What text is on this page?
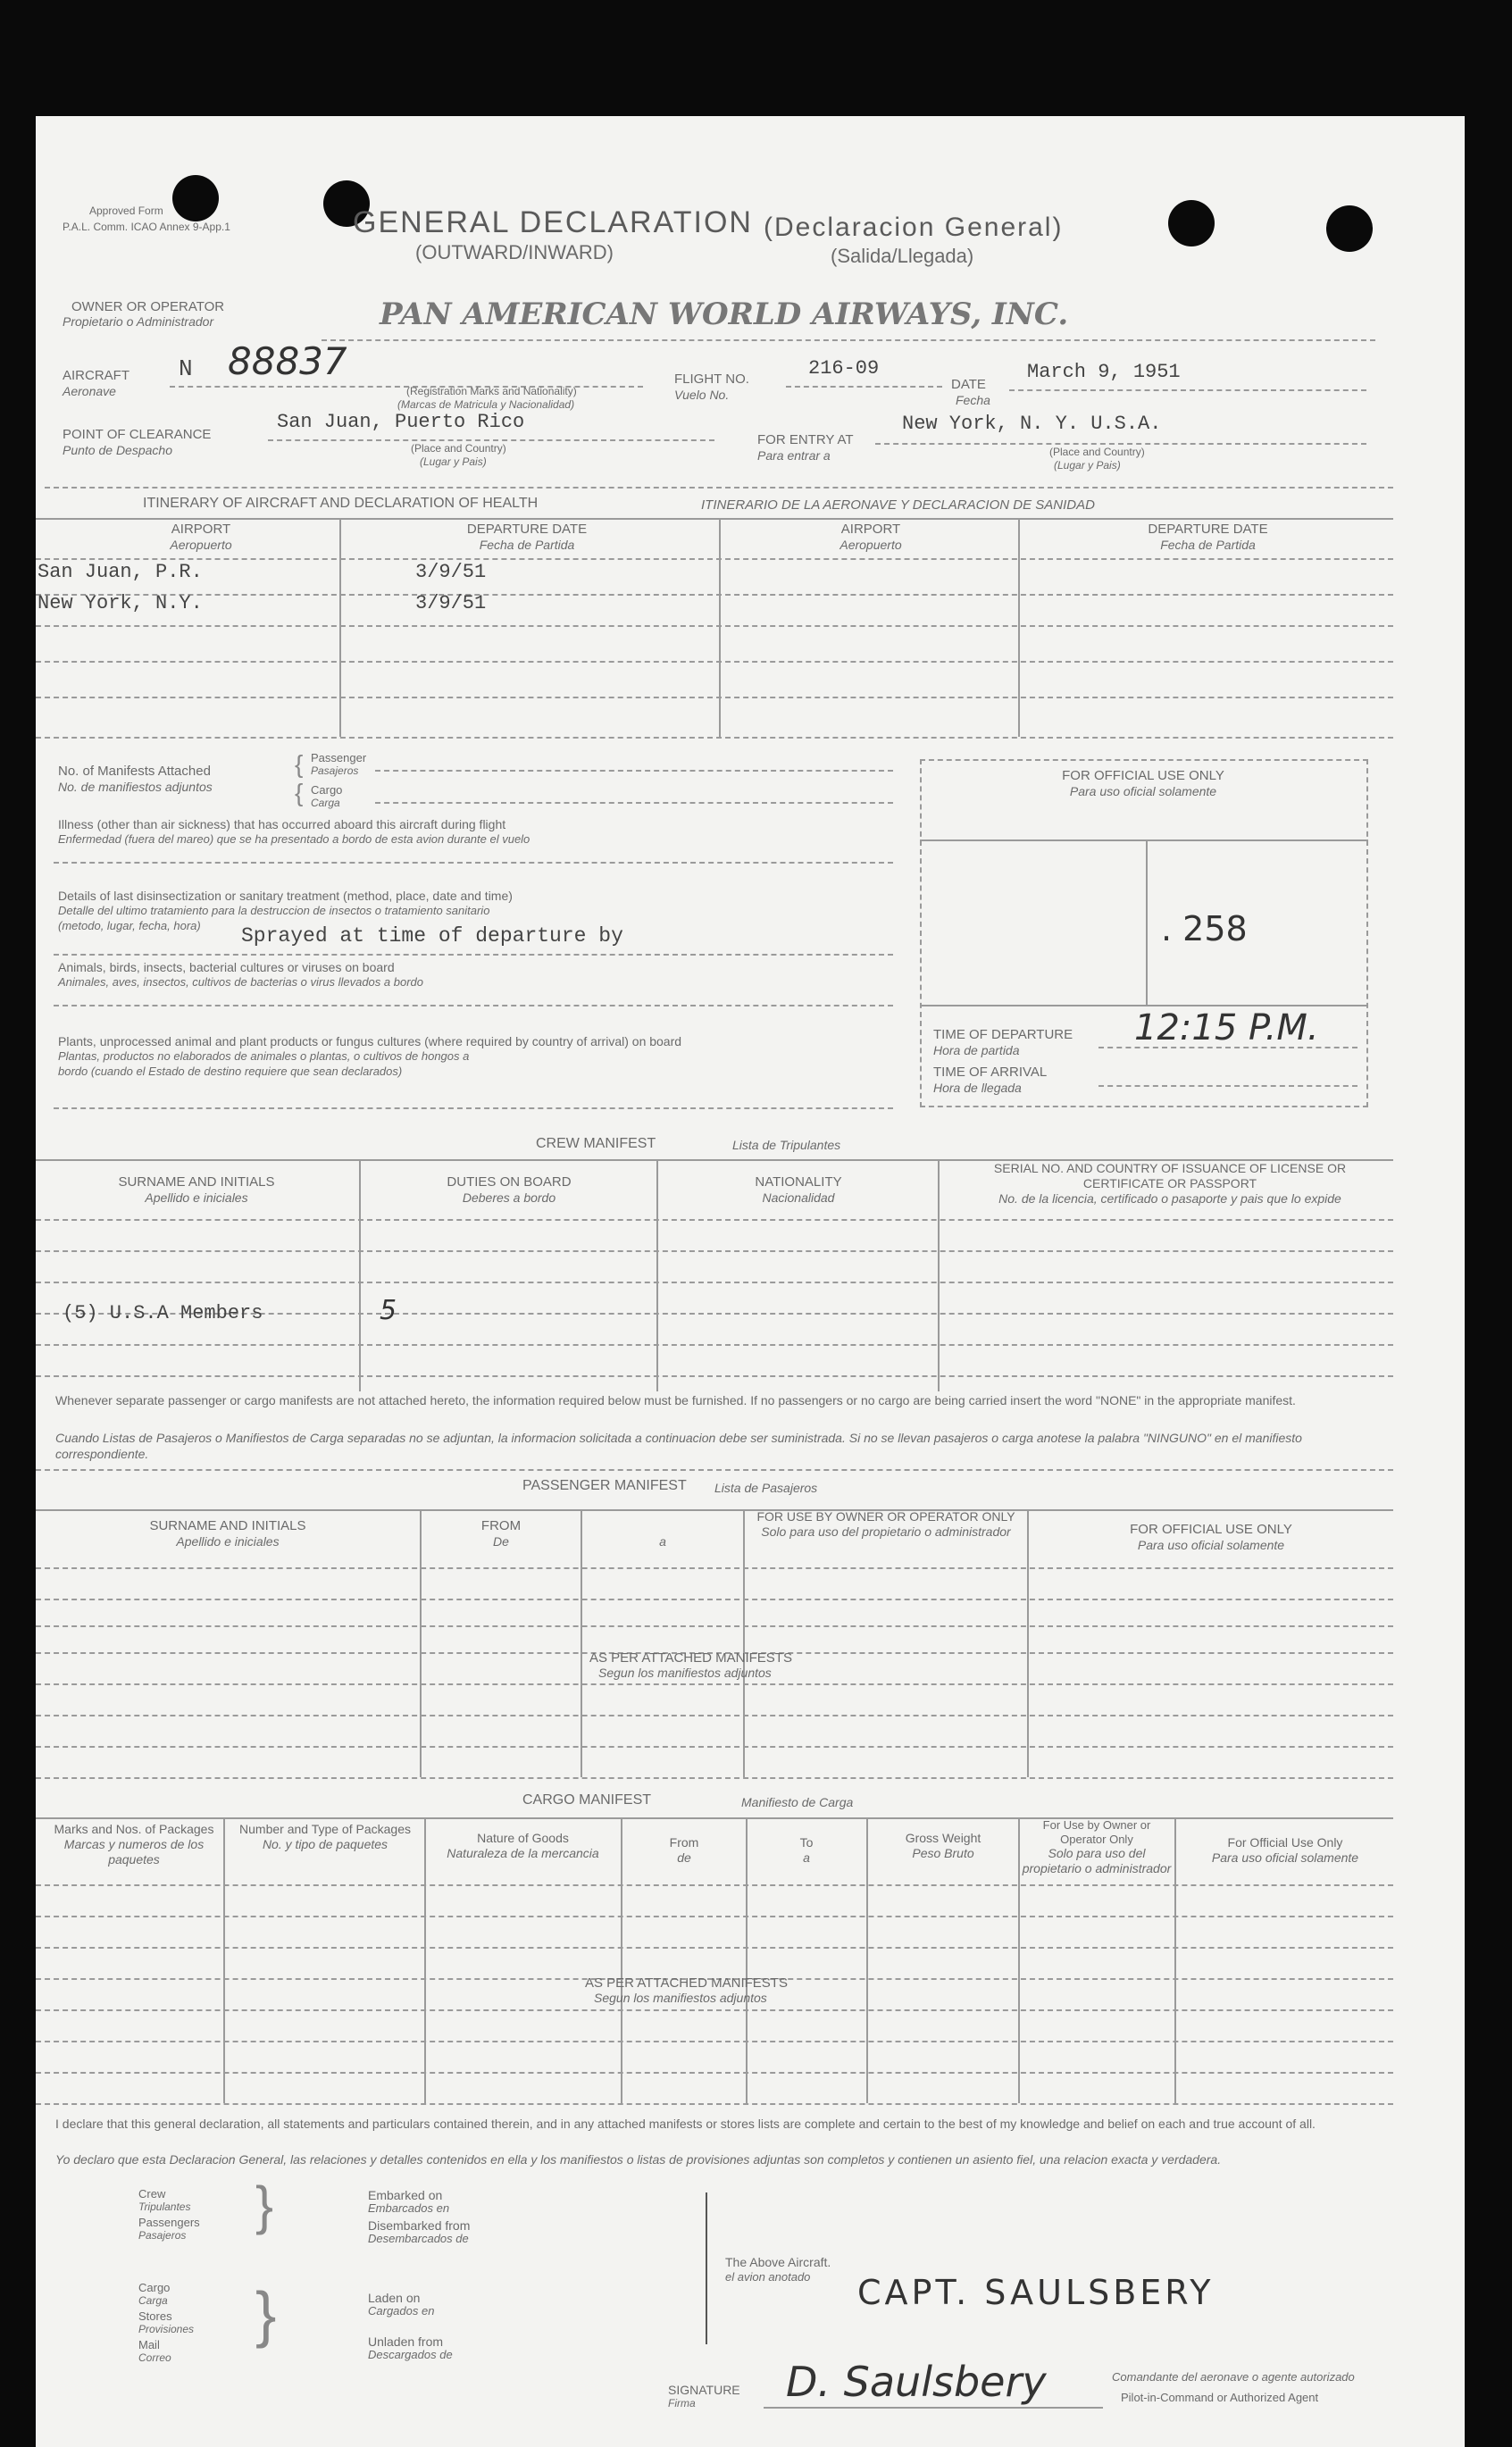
Approved Form
P.A.L. Comm. ICAO Annex 9-App.1	GENERAL DECLARATION
(OUTWARD/INWARD)
(Declaracion General)
(Salida/Llegada)
OWNER OR OPERATOR
Propietario o Administrador	PAN AMERICAN WORLD AIRWAYS, INC.
AIRCRAFT
Aeronave
N 88837
(Registration Marks and Nationality)
(Marcas de Matricula y Nacionalidad)
FLIGHT NO.
Vuelo No.
216-09
DATE
Fecha
March 9, 1951
POINT OF CLEARANCE
Punto de Despacho
San Juan, Puerto Rico
(Place and Country)
(Lugar y Pais)
FOR ENTRY AT
Para entrar a
New York, N. Y. U.S.A.
(Place and Country)
(Lugar y Pais)
ITINERARY OF AIRCRAFT AND DECLARATION OF HEALTH	ITINERARIO DE LA AERONAVE Y DECLARACION DE SANIDAD
AIRPORT
Aeropuerto
DEPARTURE DATE
Fecha de Partida
AIRPORT
Aeropuerto
DEPARTURE DATE
Fecha de Partida
San Juan, P.R.	3/9/51
New York, N.Y.	3/9/51
No. of Manifests Attached
No. de manifiestos adjuntos
{ Passenger
Pasajeros
{ Cargo
Carga
Illness (other than air sickness) that has occurred aboard this aircraft during flight
Enfermedad (fuera del mareo) que se ha presentado a bordo de esta avion durante el vuelo
Details of last disinsectization or sanitary treatment (method, place, date and time)
Detalle del ultimo tratamiento para la destruccion de insectos o tratamiento sanitario
(metodo, lugar, fecha, hora) Sprayed at time of departure by
Animals, birds, insects, bacterial cultures or viruses on board
Animales, aves, insectos, cultivos de bacterias o virus llevados a bordo
Plants, unprocessed animal and plant products or fungus cultures (where required by country of arrival) on board
Plantas, productos no elaborados de animales o plantas, o cultivos de hongos a
bordo (cuando el Estado de destino requiere que sean declarados)
FOR OFFICIAL USE ONLY
Para uso oficial solamente
. 258
TIME OF DEPARTURE
Hora de partida
12:15 P.M.
TIME OF ARRIVAL
Hora de llegada
CREW MANIFEST	Lista de Tripulantes
SURNAME AND INITIALS
Apellido e iniciales
DUTIES ON BOARD
Deberes a bordo
NATIONALITY
Nacionalidad
SERIAL NO. AND COUNTRY OF ISSUANCE OF LICENSE OR CERTIFICATE OR PASSPORT
No. de la licencia, certificado o pasaporte y pais que lo expide
(5) U.S.A Members	5
Whenever separate passenger or cargo manifests are not attached hereto, the information required below must be furnished. If no passengers or no cargo are being carried insert the word "NONE" in the appropriate manifest.
Cuando Listas de Pasajeros o Manifiestos de Carga separadas no se adjuntan, la informacion solicitada a continuacion debe ser suministrada. Si no se llevan pasajeros o carga anotese la palabra "NINGUNO" en el manifiesto correspondiente.
PASSENGER MANIFEST Lista de Pasajeros
SURNAME AND INITIALS
Apellido e iniciales
FROM
De	a
FOR USE BY OWNER OR OPERATOR ONLY
Solo para uso del propietario o administrador	FOR OFFICIAL USE ONLY
Para uso oficial solamente
AS PER ATTACHED MANIFESTS
Segun los manifiestos adjuntos
CARGO MANIFEST	Manifiesto de Carga
Marks and Nos. of Packages
Marcas y numeros de los paquetes
Number and Type of Packages
No. y tipo de paquetes	Nature of Goods
Naturaleza de la mercancia
From
de
To
a
Gross Weight
Peso Bruto
For Use by Owner or Operator Only
Solo para uso del propietario o administrador
For Official Use Only
Para uso oficial solamente
AS PER ATTACHED MANIFESTS
Segun los manifiestos adjuntos
I declare that this general declaration, all statements and particulars contained therein, and in any attached manifests or stores lists are complete and certain to the best of my knowledge and belief on each and true account of all.
Yo declaro que esta Declaracion General, las relaciones y detalles contenidos en ella y los manifiestos o listas de provisiones adjuntas son completos y contienen un asiento fiel, una relacion exacta y verdadera.
Crew
Tripulantes
Passengers
Pasajeros }	Embarked on
Embarcados en
Disembarked from
Desembarcados de
Cargo
Carga
Stores
Provisiones
Mail
Correo
}	Laden on
Cargados en
Unladen from
Descargados de
The Above Aircraft.
el avion anotado CAPT. SAULSBERY
SIGNATURE
Firma D. Saulsbery	Comandante del aeronave o agente autorizado
Pilot-in-Command or Authorized Agent
